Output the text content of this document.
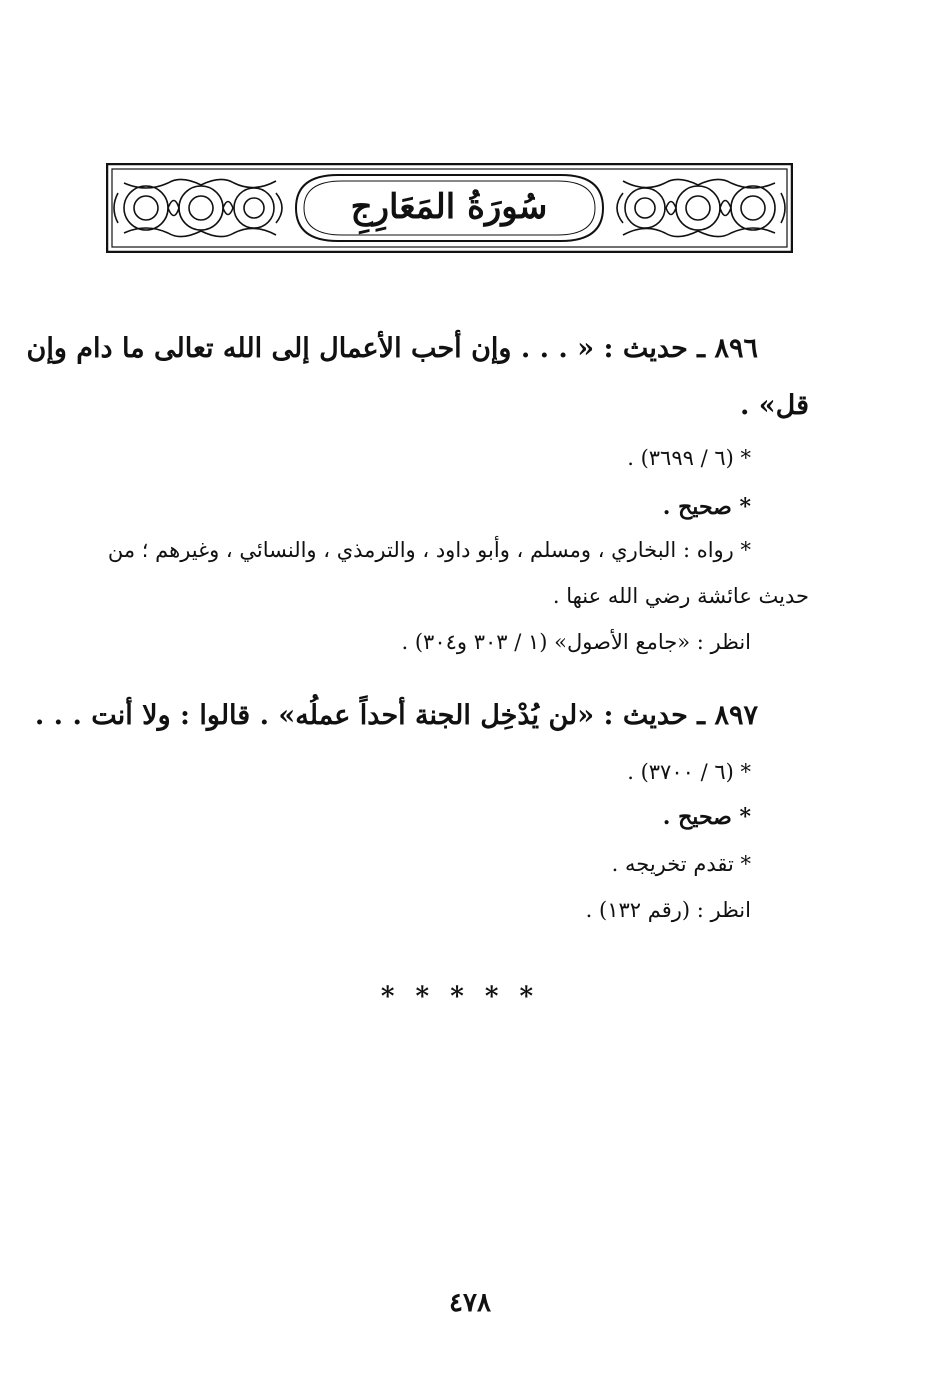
سُورَةُ المَعَارِجِ
٨٩٦ ـ حديث : « . . . وإن أحب الأعمال إلى الله تعالى ما دام وإن
قل» .
* (٦ / ٣٦٩٩) .
* صحيح .
* رواه : البخاري ، ومسلم ، وأبو داود ، والترمذي ، والنسائي ، وغيرهم ؛ من
حديث عائشة رضي الله عنها .
انظر : «جامع الأصول» (١ / ٣٠٣ و٣٠٤) .
٨٩٧ ـ حديث : «لن يُدْخِل الجنة أحداً عملُه» . قالوا : ولا أنت . . .
* (٦ / ٣٧٠٠) .
* صحيح .
* تقدم تخريجه .
انظر : (رقم ١٣٢) .
* * * * *
٤٧٨
